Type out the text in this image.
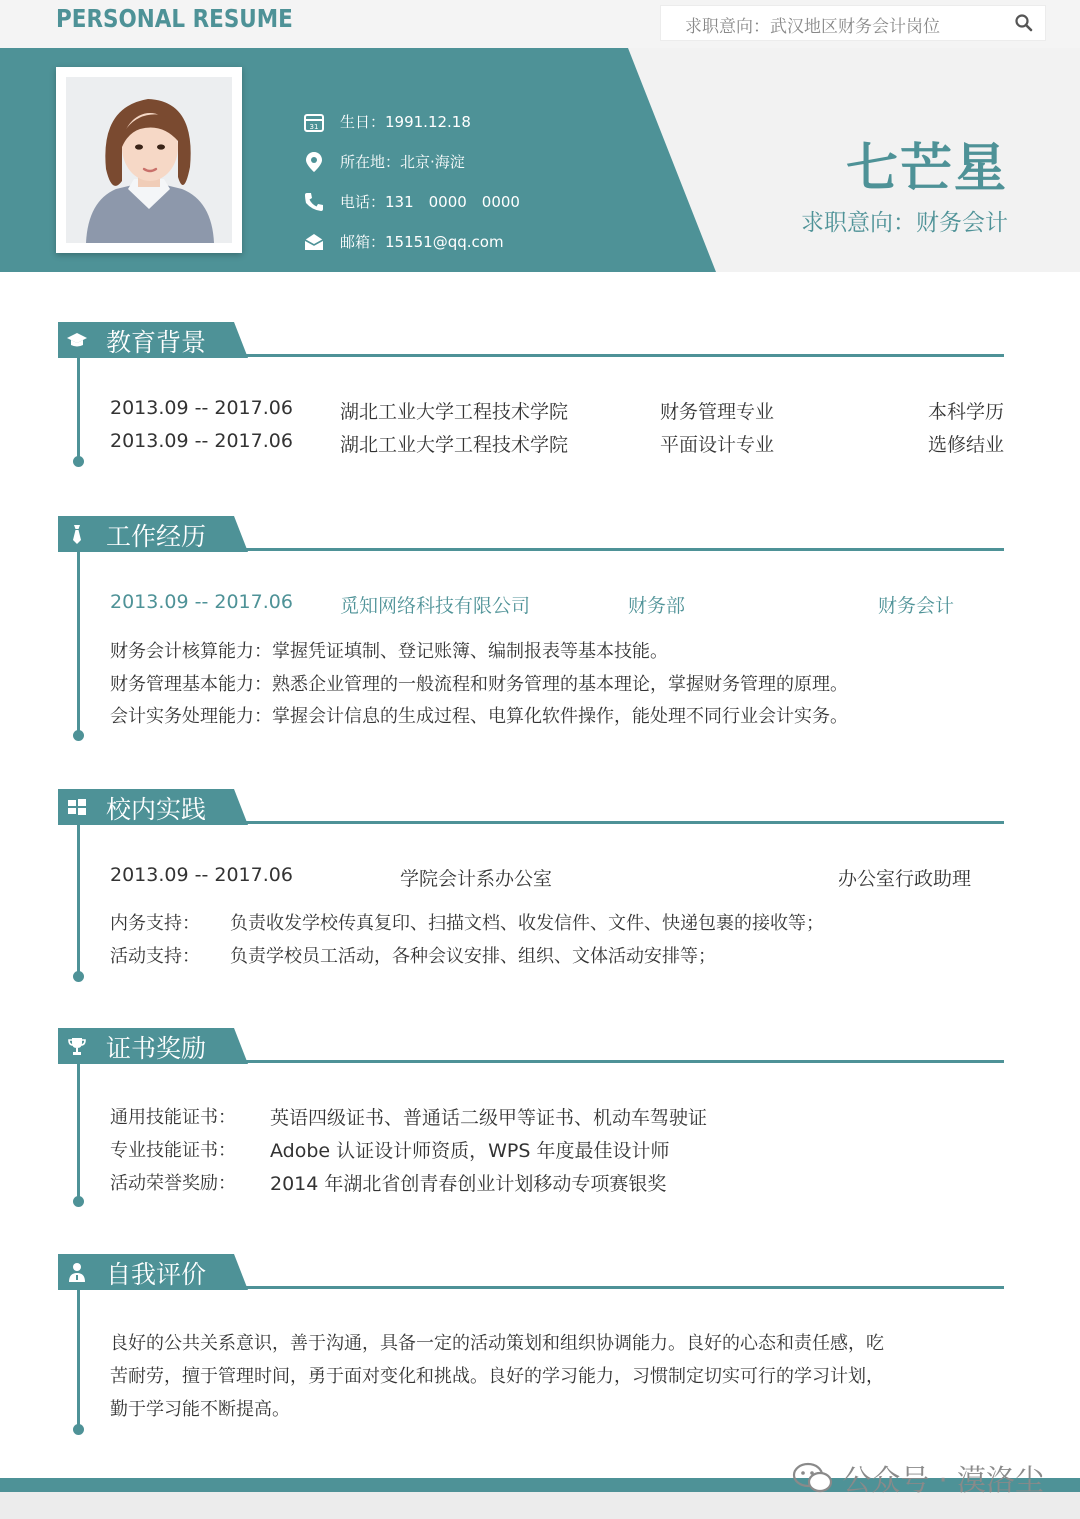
PERSONAL RESUME	求职意向：武汉地区财务会计岗位
31 生日：1991.12.18
所在地：北京·海淀
电话：131　0000　0000
邮箱：15151@qq.com
七芒星
求职意向：财务会计
教育背景
2013.09 -- 2017.06 湖北工业大学工程技术学院	财务管理专业	本科学历
2013.09 -- 2017.06 湖北工业大学工程技术学院	平面设计专业	选修结业
工作经历
2013.09 -- 2017.06 觅知网络科技有限公司	财务部	财务会计
财务会计核算能力：掌握凭证填制、登记账簿、编制报表等基本技能。
财务管理基本能力：熟悉企业管理的一般流程和财务管理的基本理论，掌握财务管理的原理。
会计实务处理能力：掌握会计信息的生成过程、电算化软件操作，能处理不同行业会计实务。
校内实践
2013.09 -- 2017.06	学院会计系办公室	办公室行政助理
内务支持： 负责收发学校传真复印、扫描文档、收发信件、文件、快递包裹的接收等；
活动支持： 负责学校员工活动，各种会议安排、组织、文体活动安排等；
证书奖励
通用技能证书： 英语四级证书、普通话二级甲等证书、机动车驾驶证
专业技能证书： Adobe 认证设计师资质，WPS 年度最佳设计师
活动荣誉奖励： 2014 年湖北省创青春创业计划移动专项赛银奖
自我评价
良好的公共关系意识，善于沟通，具备一定的活动策划和组织协调能力。良好的心态和责任感，吃
苦耐劳，擅于管理时间，勇于面对变化和挑战。良好的学习能力，习惯制定切实可行的学习计划，
勤于学习能不断提高。
公众号 · 漠洛尘
